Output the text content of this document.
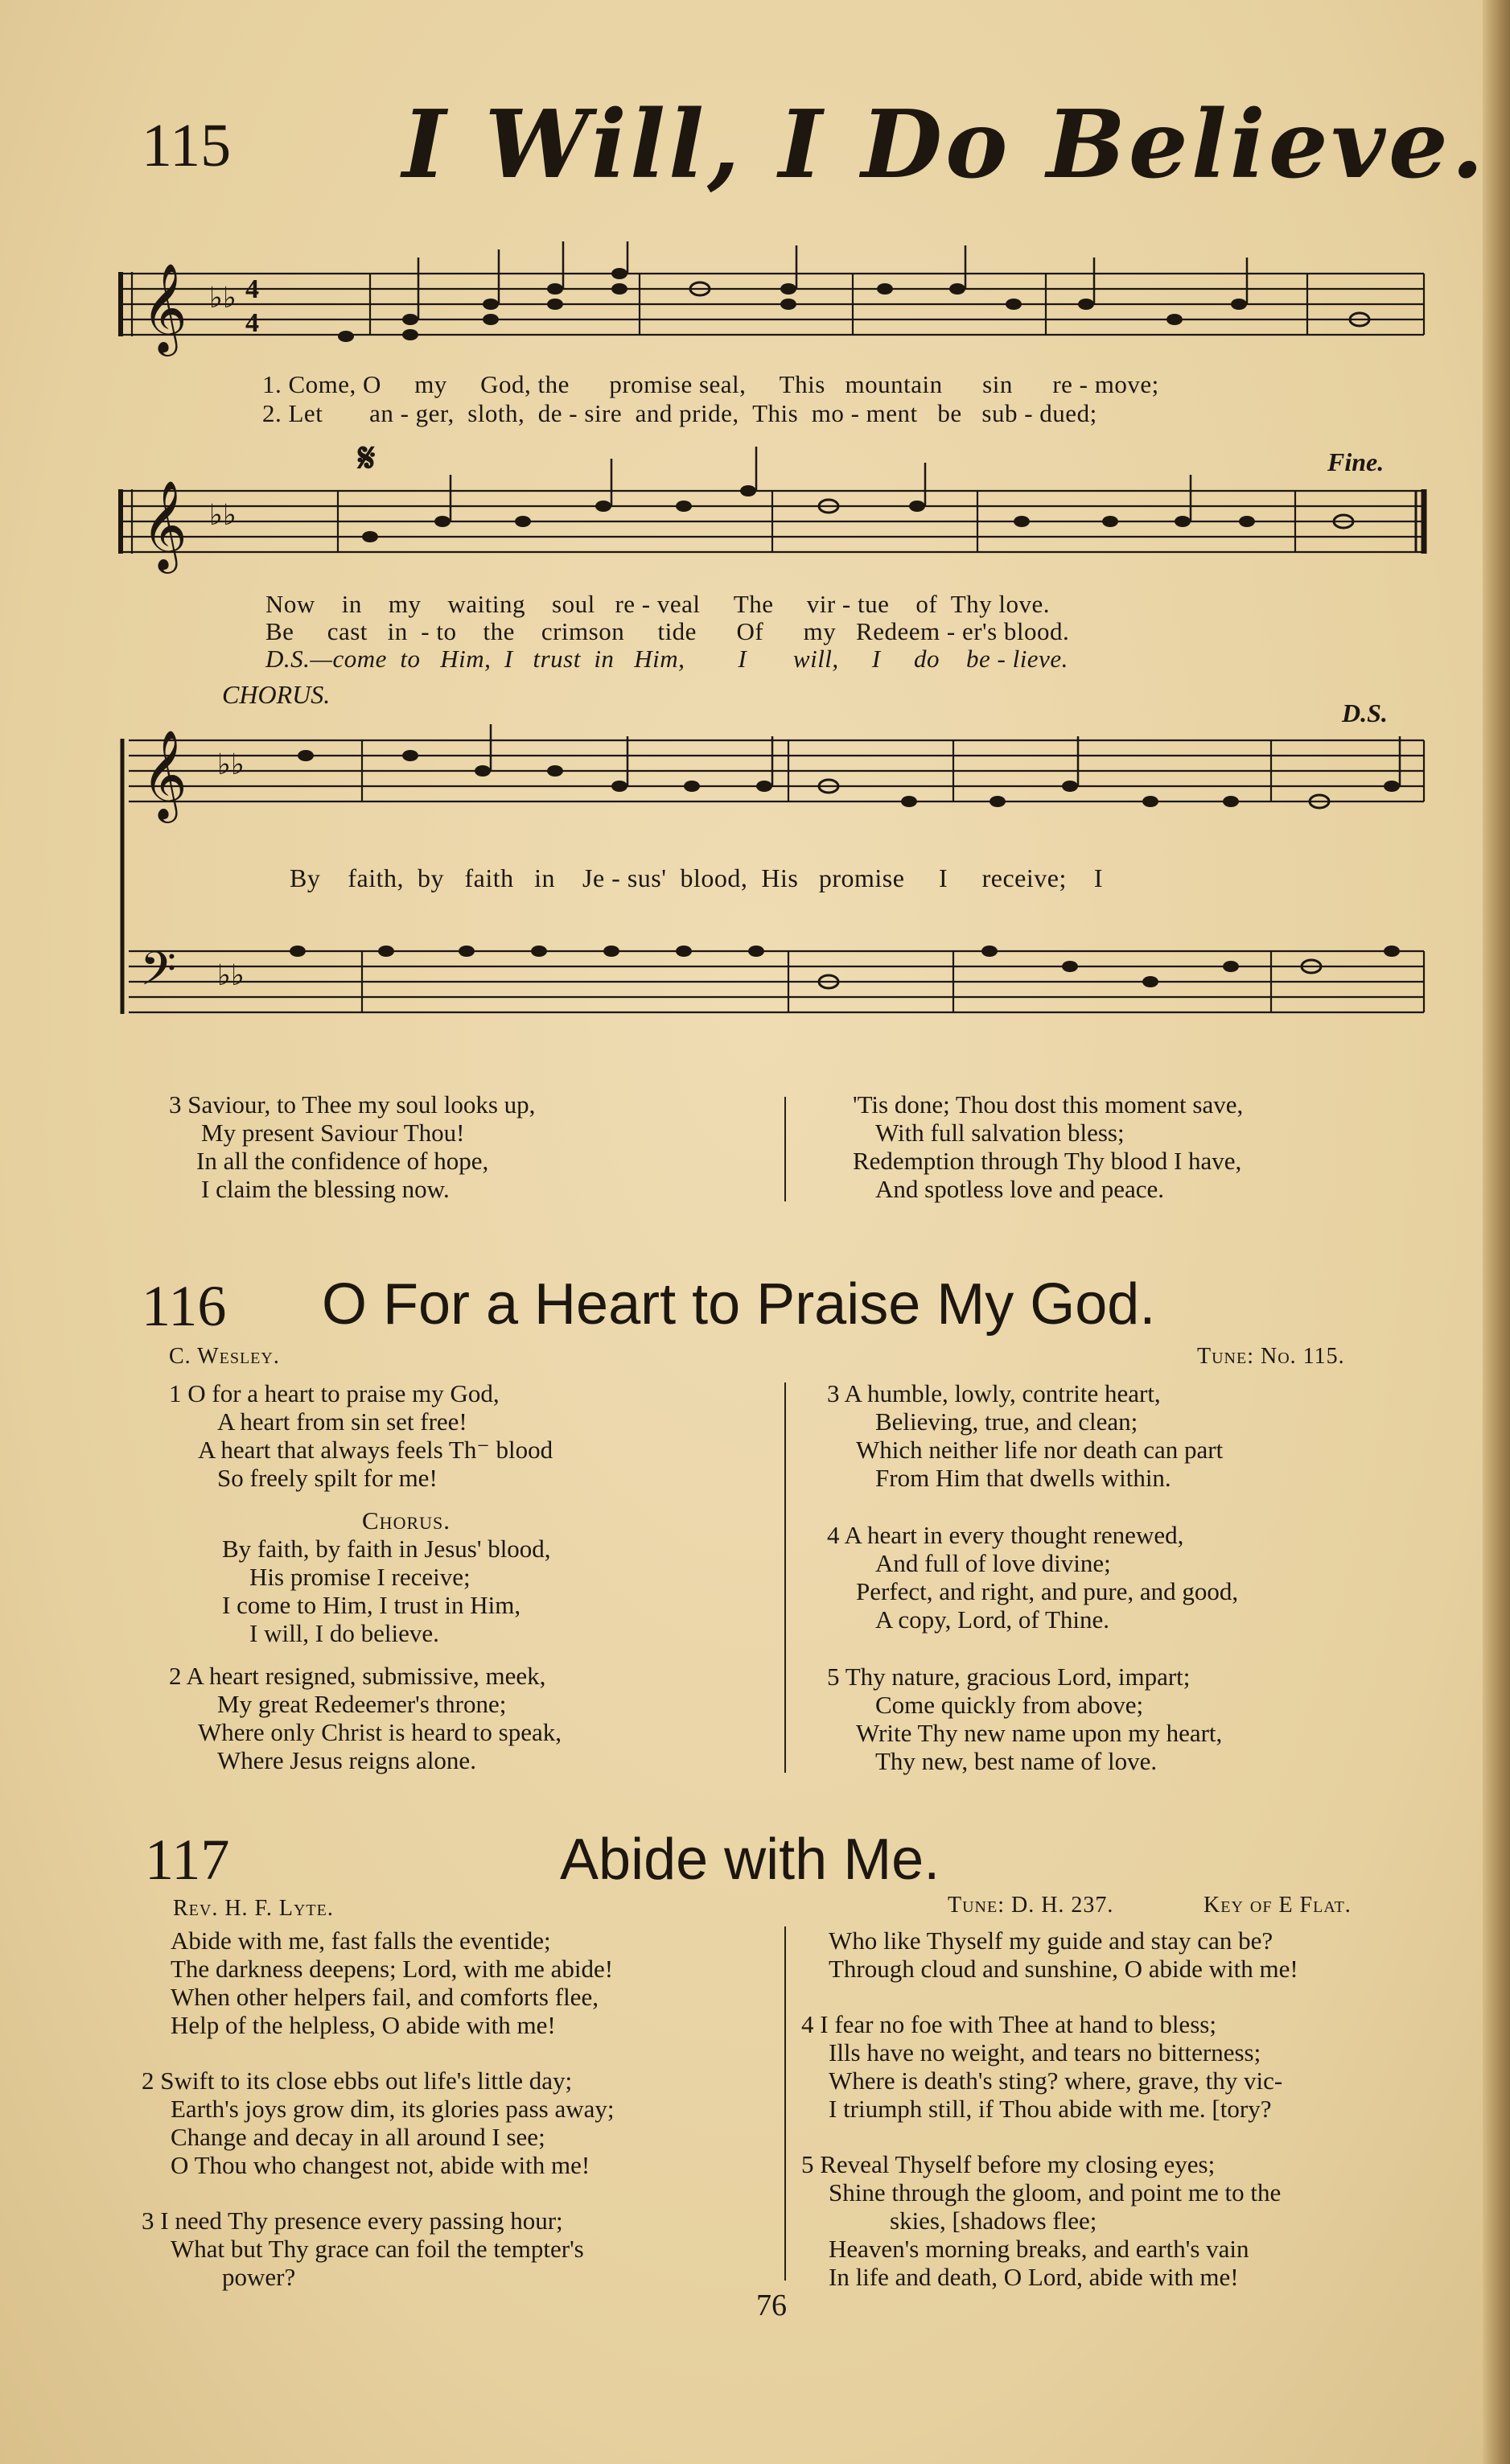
115 I Will, I Do Believe.
𝄞 ♭♭ 4
4
𝄞 ♭♭
𝄞 ♭♭
𝄢 ♭♭
1. Come, O my God, the promise seal, This mountain sin re - move;
2. Let an - ger, sloth, de - sire and pride, This mo - ment be sub - dued;
𝄋	Fine.
Now in my waiting soul re - veal The vir - tue of Thy love.
Be cast in - to the crimson tide Of my Redeem - er's blood.
D.S.—come to Him, I trust in Him, I will, I do be - lieve.
CHORUS.
D.S.
By faith, by faith in Je - sus' blood, His promise I receive; I
3 Saviour, to Thee my soul looks up,
My present Saviour Thou!
In all the confidence of hope,
I claim the blessing now.
'Tis done; Thou dost this moment save,
With full salvation bless;
Redemption through Thy blood I have,
And spotless love and peace.
116 O For a Heart to Praise My God.
C. Wesley.	Tune: No. 115.
1 O for a heart to praise my God,
A heart from sin set free!
A heart that always feels Th⁻ blood
So freely spilt for me!
Chorus.
By faith, by faith in Jesus' blood,
His promise I receive;
I come to Him, I trust in Him,
I will, I do believe.
2 A heart resigned, submissive, meek,
My great Redeemer's throne;
Where only Christ is heard to speak,
Where Jesus reigns alone.
3 A humble, lowly, contrite heart,
Believing, true, and clean;
Which neither life nor death can part
From Him that dwells within.
4 A heart in every thought renewed,
And full of love divine;
Perfect, and right, and pure, and good,
A copy, Lord, of Thine.
5 Thy nature, gracious Lord, impart;
Come quickly from above;
Write Thy new name upon my heart,
Thy new, best name of love.
117	Abide with Me.
Rev. H. F. Lyte.	Tune: D. H. 237.	Key of E Flat.
Abide with me, fast falls the eventide;
The darkness deepens; Lord, with me abide!
When other helpers fail, and comforts flee,
Help of the helpless, O abide with me!
2 Swift to its close ebbs out life's little day;
Earth's joys grow dim, its glories pass away;
Change and decay in all around I see;
O Thou who changest not, abide with me!
3 I need Thy presence every passing hour;
What but Thy grace can foil the tempter's
power?
Who like Thyself my guide and stay can be?
Through cloud and sunshine, O abide with me!
4 I fear no foe with Thee at hand to bless;
Ills have no weight, and tears no bitterness;
Where is death's sting? where, grave, thy vic-
I triumph still, if Thou abide with me. [tory?
5 Reveal Thyself before my closing eyes;
Shine through the gloom, and point me to the
skies, [shadows flee;
Heaven's morning breaks, and earth's vain
In life and death, O Lord, abide with me!
76
